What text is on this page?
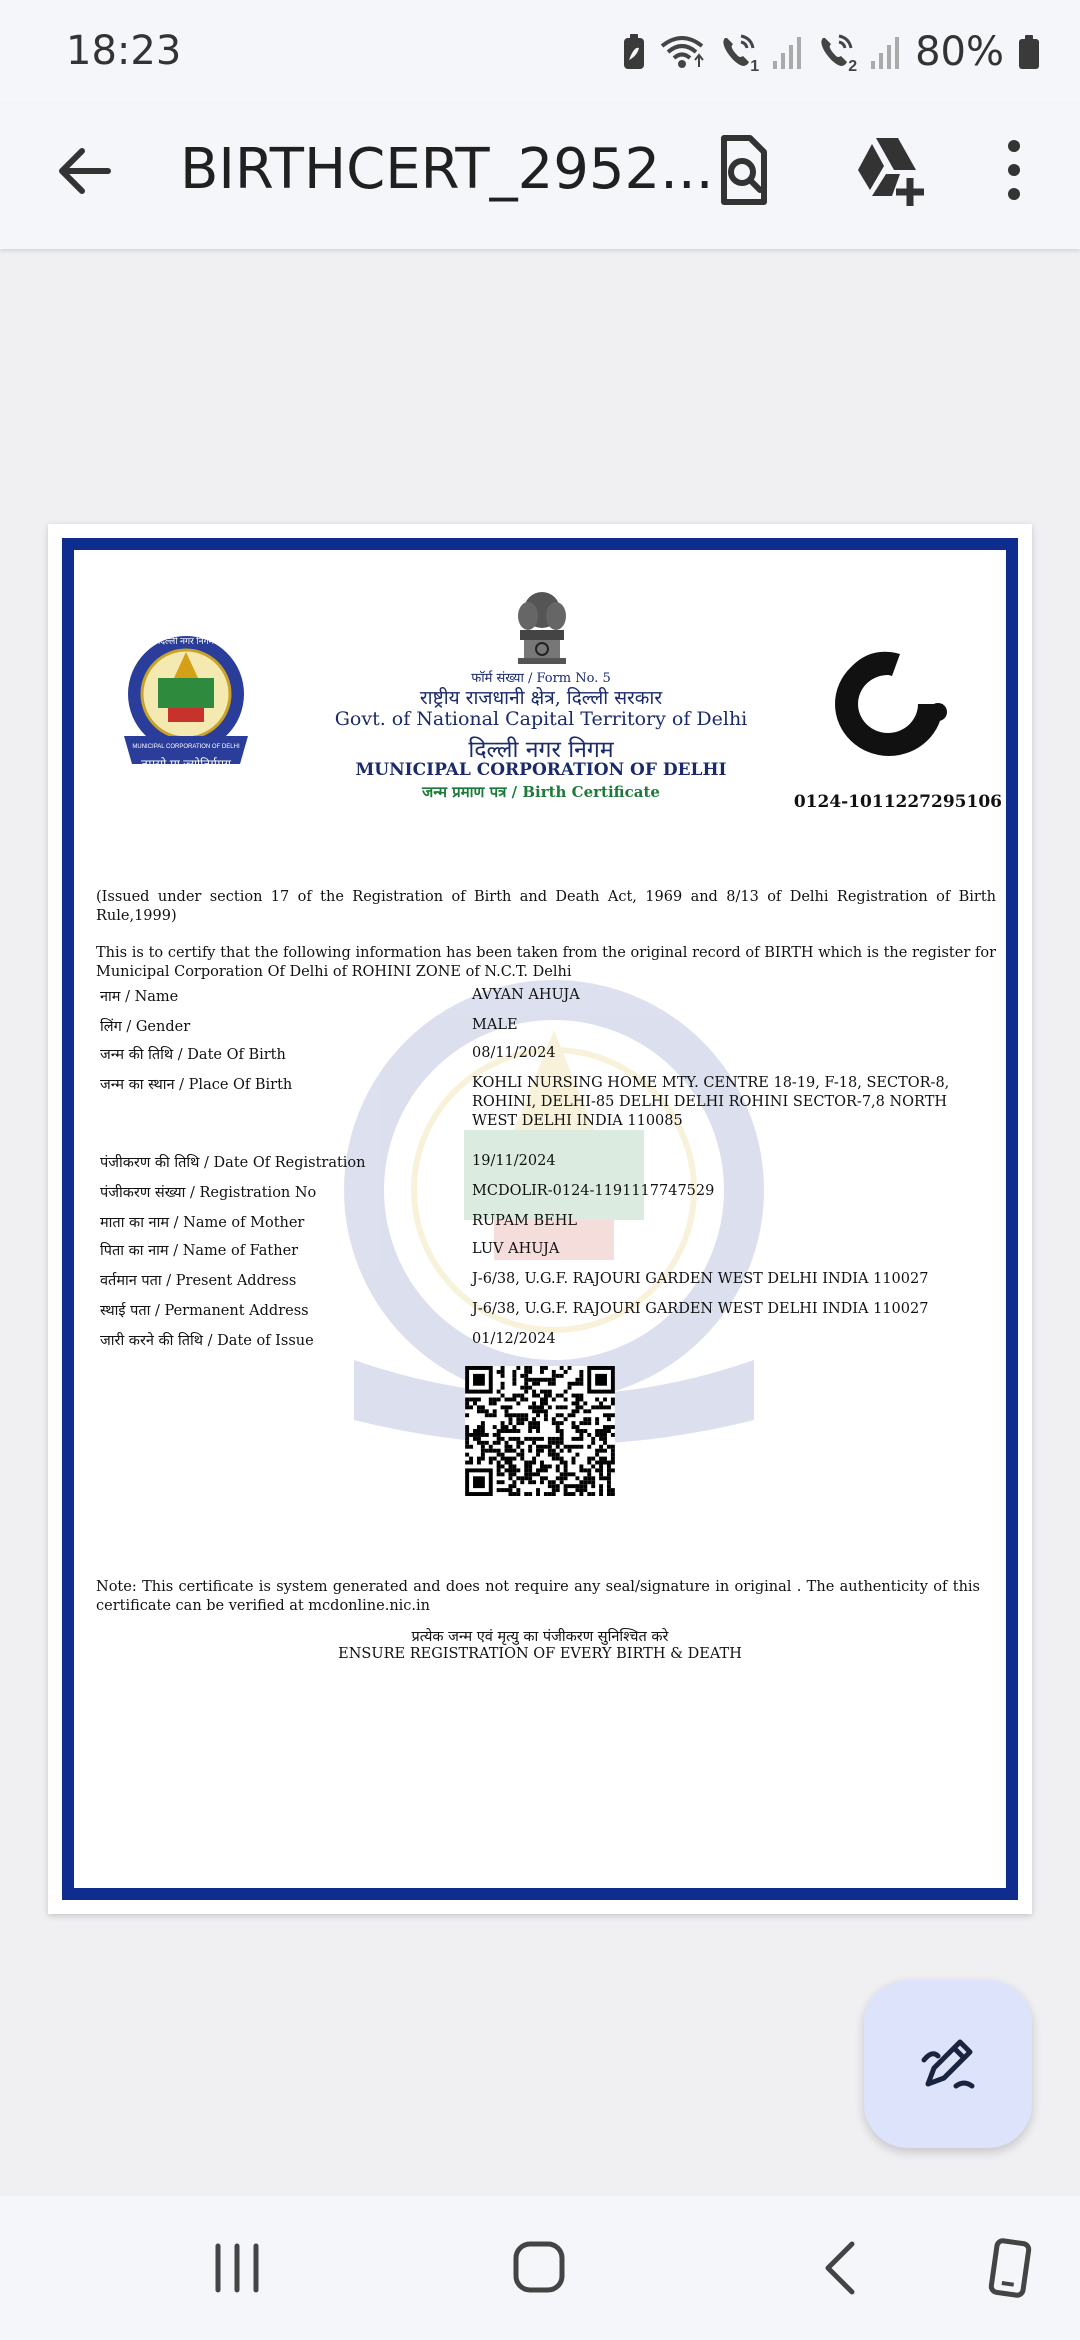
18:23	1	2 80%
BIRTHCERT_2952...
दिल्ली नगर निगम
MUNICIPAL CORPORATION OF DELHI
तमसो मा ज्योतिर्गमय
फॉर्म संख्या / Form No. 5
राष्ट्रीय राजधानी क्षेत्र, दिल्ली सरकार
Govt. of National Capital Territory of Delhi
दिल्ली नगर निगम
MUNICIPAL CORPORATION OF DELHI
जन्म प्रमाण पत्र / Birth Certificate	0124-1011227295106
(Issued under section 17 of the Registration of Birth and Death Act, 1969 and 8/13 of Delhi Registration of Birth Rule,1999)
This is to certify that the following information has been taken from the original record of BIRTH which is the register for Municipal Corporation Of Delhi of ROHINI ZONE of N.C.T. Delhi
नाम / Name	AVYAN AHUJA
लिंग / Gender	MALE
जन्म की तिथि / Date Of Birth	08/11/2024
जन्म का स्थान / Place Of Birth	KOHLI NURSING HOME MTY. CENTRE 18-19, F-18, SECTOR-8, ROHINI, DELHI-85 DELHI DELHI ROHINI SECTOR-7,8 NORTH WEST DELHI INDIA 110085
पंजीकरण की तिथि / Date Of Registration	19/11/2024
पंजीकरण संख्या / Registration No	MCDOLIR-0124-1191117747529
माता का नाम / Name of Mother	RUPAM BEHL
पिता का नाम / Name of Father	LUV AHUJA
वर्तमान पता / Present Address	J-6/38, U.G.F. RAJOURI GARDEN WEST DELHI INDIA 110027
स्थाई पता / Permanent Address	J-6/38, U.G.F. RAJOURI GARDEN WEST DELHI INDIA 110027
जारी करने की तिथि / Date of Issue	01/12/2024
Note: This certificate is system generated and does not require any seal/signature in original . The authenticity of this certificate can be verified at mcdonline.nic.in
प्रत्येक जन्म एवं मृत्यु का पंजीकरण सुनिश्चित करे
ENSURE REGISTRATION OF EVERY BIRTH & DEATH
